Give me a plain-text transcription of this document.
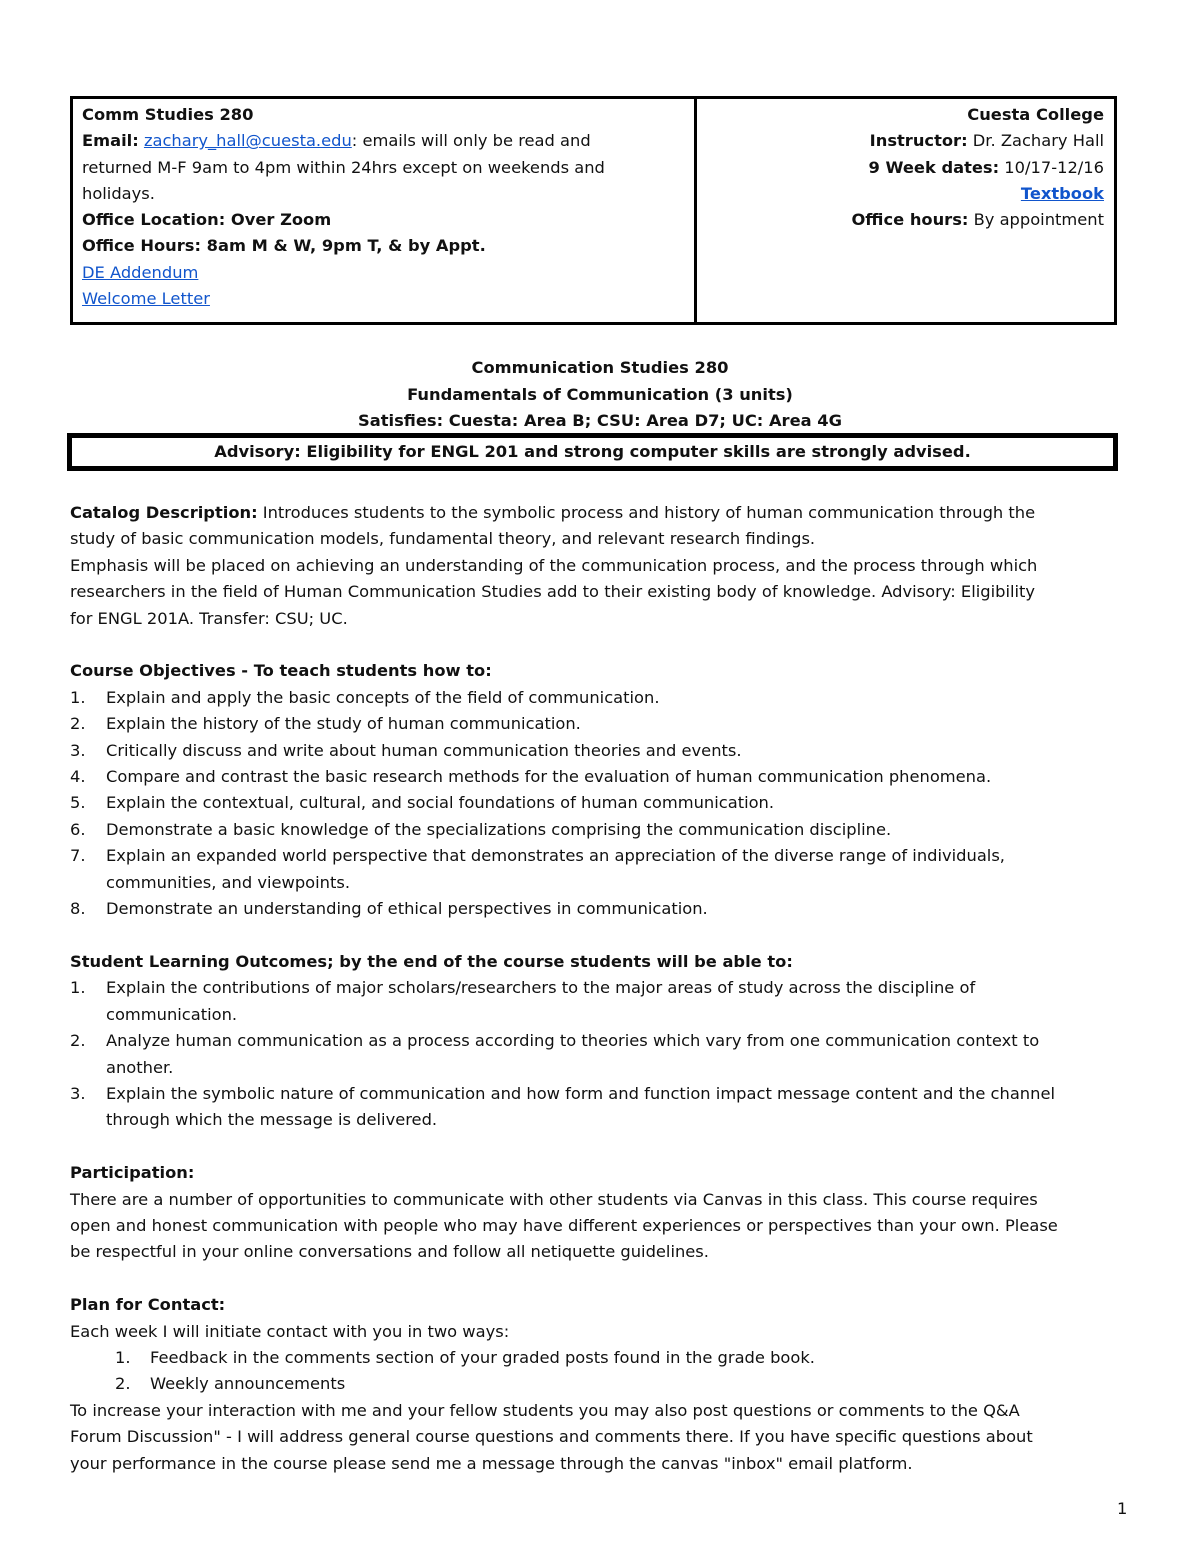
Comm Studies 280
Email: zachary_hall@cuesta.edu: emails will only be read and
returned M-F 9am to 4pm within 24hrs except on weekends and
holidays.
Office Location: Over Zoom
Office Hours: 8am M & W, 9pm T, & by Appt.
DE Addendum
Welcome Letter
Cuesta College
Instructor: Dr. Zachary Hall
9 Week dates: 10/17-12/16
Textbook
Office hours: By appointment
Communication Studies 280
Fundamentals of Communication (3 units)
Satisfies: Cuesta: Area B; CSU: Area D7; UC: Area 4G
Advisory: Eligibility for ENGL 201 and strong computer skills are strongly advised.
Catalog Description: Introduces students to the symbolic process and history of human communication through the
study of basic communication models, fundamental theory, and relevant research findings.
Emphasis will be placed on achieving an understanding of the communication process, and the process through which
researchers in the field of Human Communication Studies add to their existing body of knowledge. Advisory: Eligibility
for ENGL 201A. Transfer: CSU; UC.
Course Objectives - To teach students how to:
1. Explain and apply the basic concepts of the field of communication.
2. Explain the history of the study of human communication.
3. Critically discuss and write about human communication theories and events.
4. Compare and contrast the basic research methods for the evaluation of human communication phenomena.
5. Explain the contextual, cultural, and social foundations of human communication.
6. Demonstrate a basic knowledge of the specializations comprising the communication discipline.
7. Explain an expanded world perspective that demonstrates an appreciation of the diverse range of individuals,
communities, and viewpoints.
8. Demonstrate an understanding of ethical perspectives in communication.
Student Learning Outcomes; by the end of the course students will be able to:
1. Explain the contributions of major scholars/researchers to the major areas of study across the discipline of
communication.
2. Analyze human communication as a process according to theories which vary from one communication context to
another.
3. Explain the symbolic nature of communication and how form and function impact message content and the channel
through which the message is delivered.
Participation:
There are a number of opportunities to communicate with other students via Canvas in this class. This course requires
open and honest communication with people who may have different experiences or perspectives than your own. Please
be respectful in your online conversations and follow all netiquette guidelines.
Plan for Contact:
Each week I will initiate contact with you in two ways:
1. Feedback in the comments section of your graded posts found in the grade book.
2. Weekly announcements
To increase your interaction with me and your fellow students you may also post questions or comments to the Q&A
Forum Discussion" - I will address general course questions and comments there. If you have specific questions about
your performance in the course please send me a message through the canvas "inbox" email platform.
1
